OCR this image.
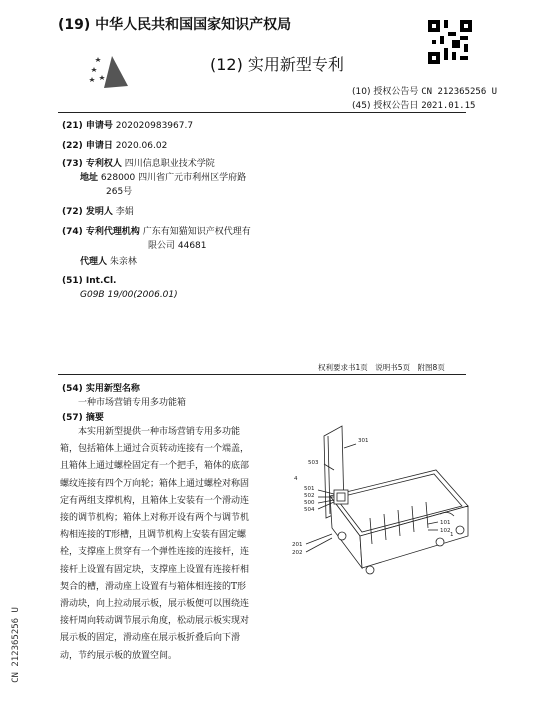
(19) 中华人民共和国国家知识产权局
(12) 实用新型专利
(10) 授权公告号 CN 212365256 U
(45) 授权公告日 2021.01.15
(21) 申请号 202020983967.7
(22) 申请日 2020.06.02
(73) 专利权人 四川信息职业技术学院
地址 628000 四川省广元市利州区学府路
265号
(72) 发明人 李娟
(74) 专利代理机构 广东有知猫知识产权代理有
限公司 44681
代理人 朱亲林
(51) Int.Cl.
G09B 19/00(2006.01)
权利要求书1页　说明书5页　附图8页
(54) 实用新型名称
一种市场营销专用多功能箱
(57) 摘要
本实用新型提供一种市场营销专用多功能
箱，包括箱体上通过合页转动连接有一个端盖，
且箱体上通过螺栓固定有一个把手，箱体的底部
螺纹连接有四个万向轮；箱体上通过螺栓对称固
定有两组支撑机构，且箱体上安装有一个滑动连
接的调节机构；箱体上对称开设有两个与调节机
构相连接的T形槽，且调节机构上安装有固定螺
栓，支撑座上贯穿有一个弹性连接的连接杆，连
接杆上设置有固定块，支撑座上设置有连接杆相
契合的槽，滑动座上设置有与箱体相连接的T形
滑动块，向上拉动展示板，展示板便可以围绕连
接杆周向转动调节展示角度，松动展示板实现对
展示板的固定，滑动座在展示板折叠后向下滑
动，节约展示板的放置空间。
301
503
501
502
500
504
1
201
202
101
102
4
CN 212365256 U
